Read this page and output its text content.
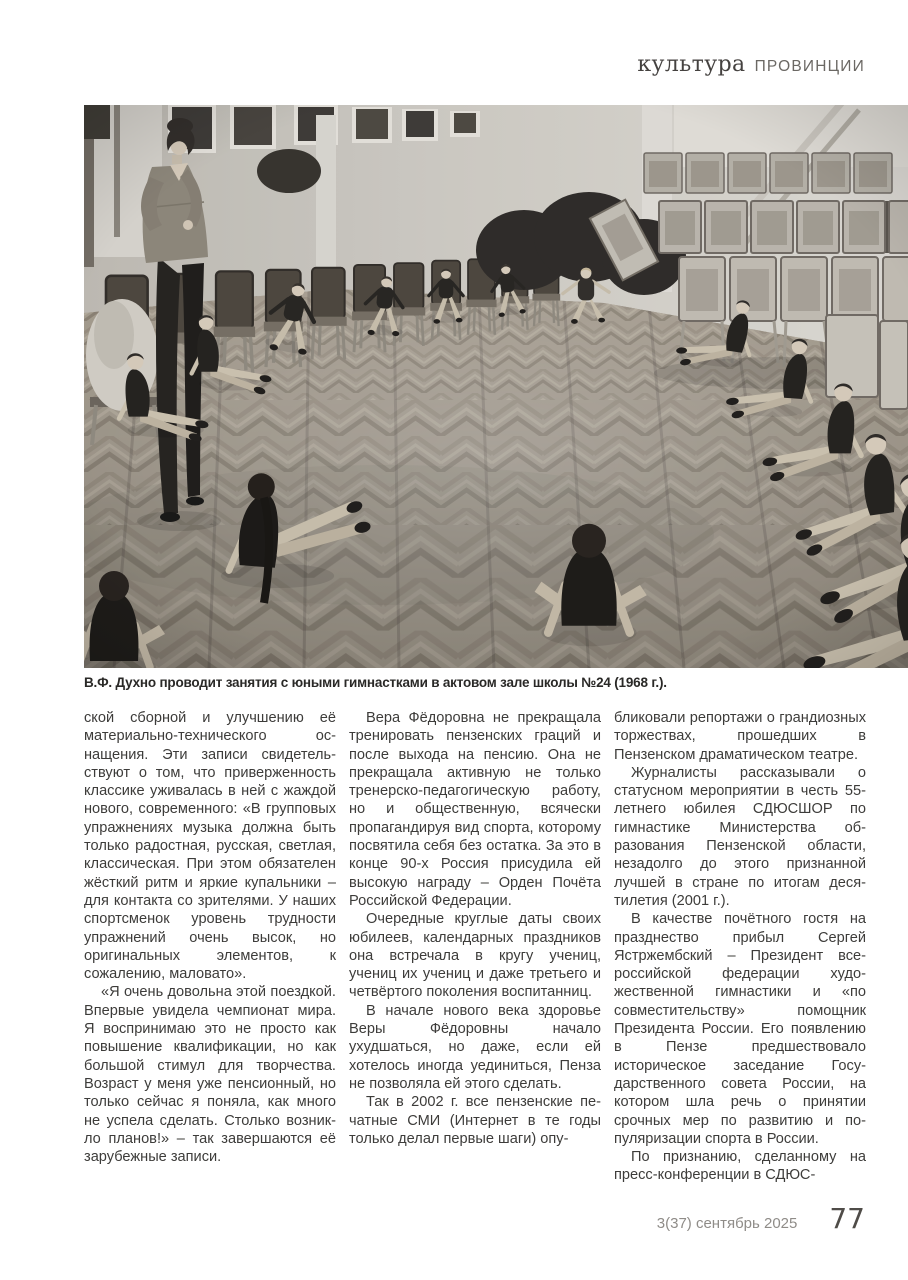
культура ПРОВИНЦИИ
В.Ф. Духно проводит занятия с юными гимнастками в актовом зале школы №24 (1968 г.).

ской сборной и улучшению её материально-технического оснащения. Эти записи свидетельствуют о том, что приверженность классике уживалась в ней с жаждой нового, современного: «В групповых упражнениях музыка должна быть только радостная, русская, светлая, классическая. При этом обязателен жёсткий ритм и яркие купальники – для контакта со зрителями. У наших спортсменок уровень трудности упражнений очень высок, но оригинальных элементов, к сожалению, маловато».

«Я очень довольна этой поездкой. Впервые увидела чемпионат мира. Я воспринимаю это не просто как повышение квалификации, но как большой стимул для творчества. Возраст у меня уже пенсионный, но только сейчас я поняла, как много не успела сделать. Столько возникло планов!» – так завершаются её зарубежные записи.

Вера Фёдоровна не прекращала тренировать пензенских граций и после выхода на пенсию. Она не прекращала активную не только тренерско-педагогическую работу, но и общественную, всячески пропагандируя вид спорта, которому посвятила себя без остатка. За это в конце 90-х Россия присудила ей высокую награду – Орден Почёта Российской Федерации.

Очередные круглые даты своих юбилеев, календарных праздников она встречала в кругу учениц, учениц их учениц и даже третьего и четвёртого поколения воспитанниц.

В начале нового века здоровье Веры Фёдоровны начало ухудшаться, но даже, если ей хотелось иногда уединиться, Пенза не позволяла ей этого сделать.

Так в 2002 г. все пензенские печатные СМИ (Интернет в те годы только делал первые шаги) опу-

бликовали репортажи о грандиозных торжествах, прошедших в Пензенском драматическом театре.

Журналисты рассказывали о статусном мероприятии в честь 55-летнего юбилея СДЮСШОР по гимнастике Министерства образования Пензенской области, незадолго до этого признанной лучшей в стране по итогам десятилетия (2001 г.).

В качестве почётного гостя на празднество прибыл Сергей Ястржембский – Президент всероссийской федерации художественной гимнастики и «по совместительству» помощник Президента России. Его появлению в Пензе предшествовало историческое заседание Государственного совета России, на котором шла речь о принятии срочных мер по развитию и популяризации спорта в России.

По признанию, сделанному на пресс-конференции в СДЮС-

3(37) сентябрь 2025 77
